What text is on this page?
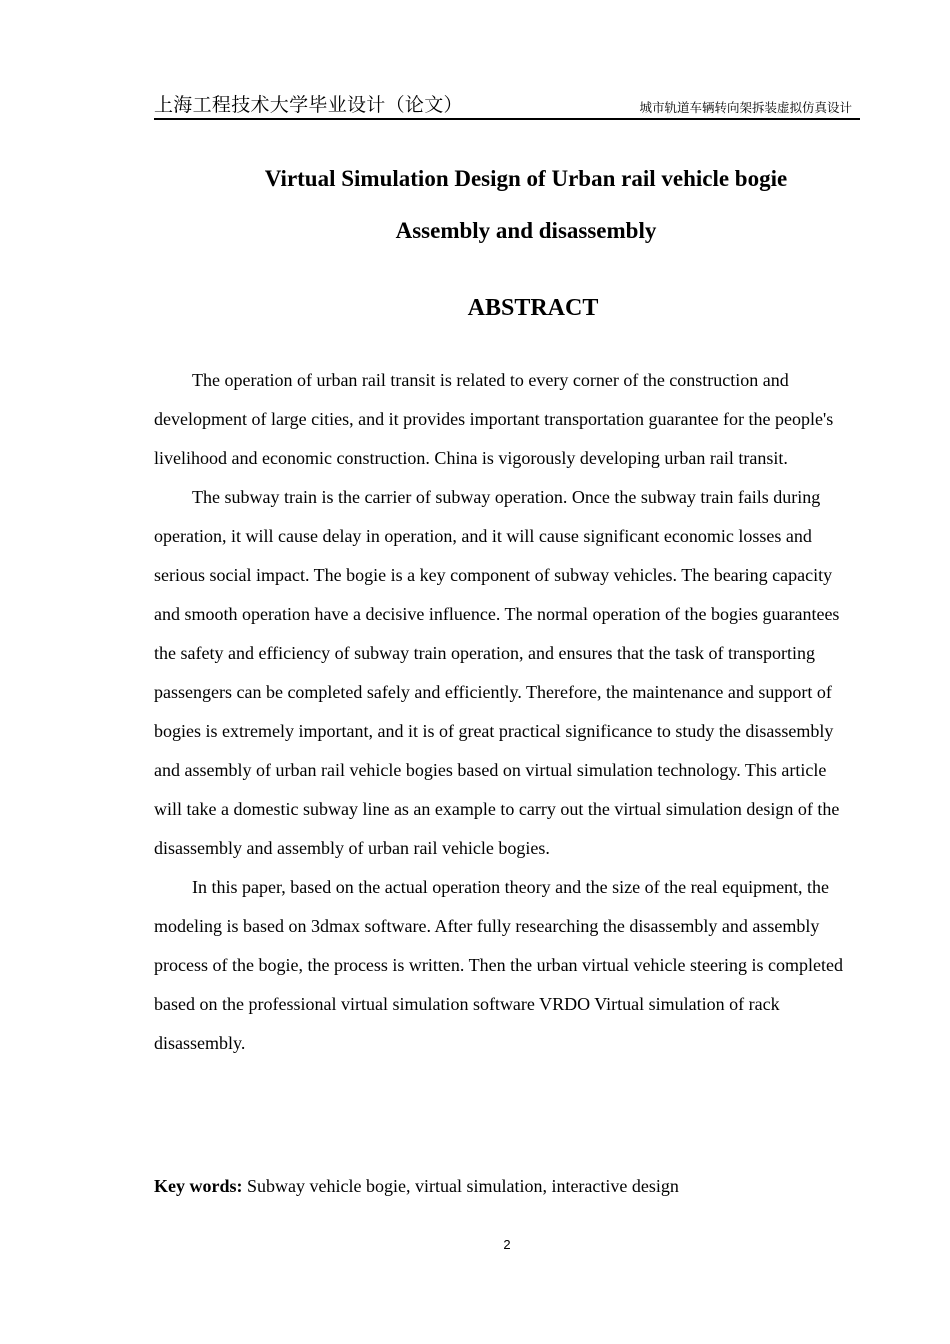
上海工程技术大学毕业设计（论文）	城市轨道车辆转向架拆装虚拟仿真设计
Virtual Simulation Design of Urban rail vehicle bogie
Assembly and disassembly
ABSTRACT

The operation of urban rail transit is related to every corner of the construction and development of large cities, and it provides important transportation guarantee for the people's livelihood and economic construction. China is vigorously developing urban rail transit.

The subway train is the carrier of subway operation. Once the subway train fails during operation, it will cause delay in operation, and it will cause significant economic losses and serious social impact. The bogie is a key component of subway vehicles. The bearing capacity and smooth operation have a decisive influence. The normal operation of the bogies guarantees the safety and efficiency of subway train operation, and ensures that the task of transporting passengers can be completed safely and efficiently. Therefore, the maintenance and support of bogies is extremely important, and it is of great practical significance to study the disassembly and assembly of urban rail vehicle bogies based on virtual simulation technology. This article will take a domestic subway line as an example to carry out the virtual simulation design of the disassembly and assembly of urban rail vehicle bogies.

In this paper, based on the actual operation theory and the size of the real equipment, the modeling is based on 3dmax software. After fully researching the disassembly and assembly process of the bogie, the process is written. Then the urban virtual vehicle steering is completed based on the professional virtual simulation software VRDO Virtual simulation of rack disassembly.

Key words: Subway vehicle bogie, virtual simulation, interactive design
2
